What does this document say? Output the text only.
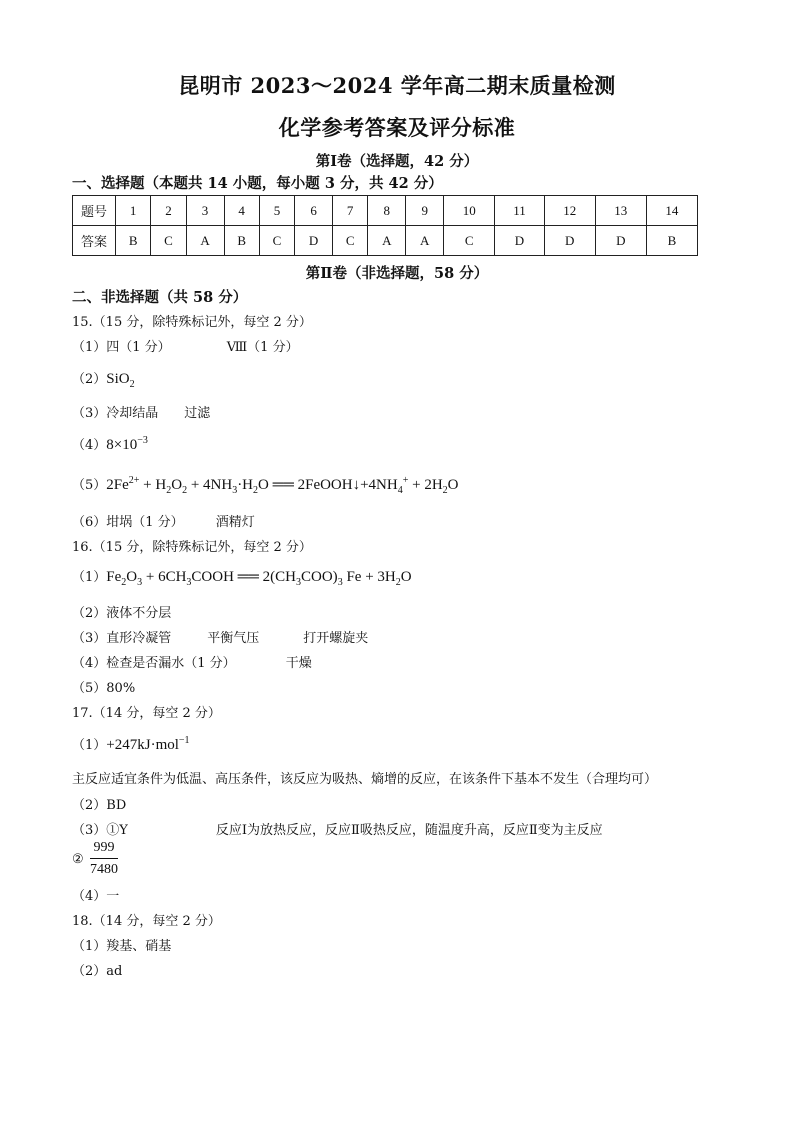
昆明市 2023～2024 学年高二期末质量检测
化学参考答案及评分标准
第Ⅰ卷（选择题，42 分）
一、选择题（本题共 14 小题，每小题 3 分，共 42 分）
题号	1	2	3	4	5	6	7	8	9	10	11	12	13	14
答案	B	C	A	B	C	D	C	A	A	C	D	D	D	B
第Ⅱ卷（非选择题，58 分）
二、非选择题（共 58 分）
15.（15 分，除特殊标记外，每空 2 分）
（1）四（1 分）	Ⅷ（1 分）
（2）SiO$_2$
（3）冷却结晶 过滤
$(4)8\times 10^{-3}$
$(5)2Fe^{2+} + H_2O_2 + 4NH_3\cdot H_2O$ ══ $2FeOOH↓+4NH_4^+ + 2H_2O$
（6）坩埚（1 分） 酒精灯
16.（15 分，除特殊标记外，每空 2 分）
$(1)Fe_2O_3$ + $6CH_3COOH$ ══ $2(CH_3COO)_3$ $Fe + 3H_2O$
（2）液体不分层
（3）直形冷凝管	平衡气压	打开螺旋夹
（4）检查是否漏水（1 分）	干燥
（5）80%
17.（14 分，每空 2 分）
（1）+247kJ·mol$^{-1}$
主反应适宜条件为低温、高压条件，该反应为吸热、熵增的反应，在该条件下基本不发生（合理均可）
（2）BD
（3）①Y	反应Ⅰ为放热反应，反应Ⅱ吸热反应，随温度升高，反应Ⅱ变为主反应
② $\frac{999}{7480}$
（4）一
18.（14 分，每空 2 分）
（1）羧基、硝基
（2）ad
